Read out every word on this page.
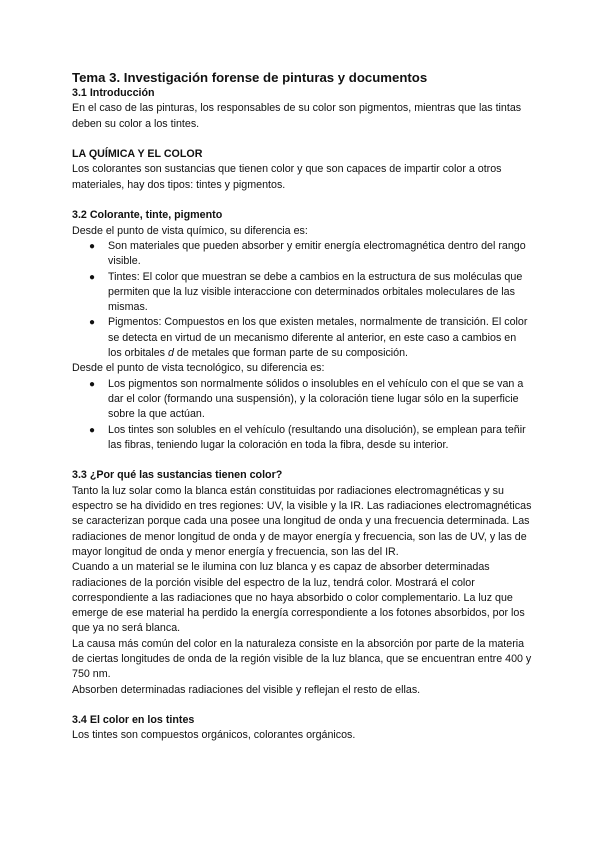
Tema 3. Investigación forense de pinturas y documentos
3.1 Introducción

En el caso de las pinturas, los responsables de su color son pigmentos, mientras que las tintas deben su color a los tintes.

LA QUÍMICA Y EL COLOR

Los colorantes son sustancias que tienen color y que son capaces de impartir color a otros materiales, hay dos tipos: tintes y pigmentos.

3.2 Colorante, tinte, pigmento

Desde el punto de vista químico, su diferencia es:

● Son materiales que pueden absorber y emitir energía electromagnética dentro del rango visible.
● Tintes: El color que muestran se debe a cambios en la estructura de sus moléculas que permiten que la luz visible interaccione con determinados orbitales moleculares de las mismas.
● Pigmentos: Compuestos en los que existen metales, normalmente de transición. El color se detecta en virtud de un mecanismo diferente al anterior, en este caso a cambios en los orbitales d de metales que forman parte de su composición.

Desde el punto de vista tecnológico, su diferencia es:

● Los pigmentos son normalmente sólidos o insolubles en el vehículo con el que se van a dar el color (formando una suspensión), y la coloración tiene lugar sólo en la superficie sobre la que actúan.
● Los tintes son solubles en el vehículo (resultando una disolución), se emplean para teñir las fibras, teniendo lugar la coloración en toda la fibra, desde su interior.
3.3 ¿Por qué las sustancias tienen color?

Tanto la luz solar como la blanca están constituidas por radiaciones electromagnéticas y su espectro se ha dividido en tres regiones: UV, la visible y la IR. Las radiaciones electromagnéticas se caracterizan porque cada una posee una longitud de onda y una frecuencia determinada. Las radiaciones de menor longitud de onda y de mayor energía y frecuencia, son las de UV, y las de mayor longitud de onda y menor energía y frecuencia, son las del IR.

Cuando a un material se le ilumina con luz blanca y es capaz de absorber determinadas radiaciones de la porción visible del espectro de la luz, tendrá color. Mostrará el color correspondiente a las radiaciones que no haya absorbido o color complementario. La luz que emerge de ese material ha perdido la energía correspondiente a los fotones absorbidos, por los que ya no será blanca.

La causa más común del color en la naturaleza consiste en la absorción por parte de la materia de ciertas longitudes de onda de la región visible de la luz blanca, que se encuentran entre 400 y 750 nm.

Absorben determinadas radiaciones del visible y reflejan el resto de ellas.

3.4 El color en los tintes

Los tintes son compuestos orgánicos, colorantes orgánicos.
